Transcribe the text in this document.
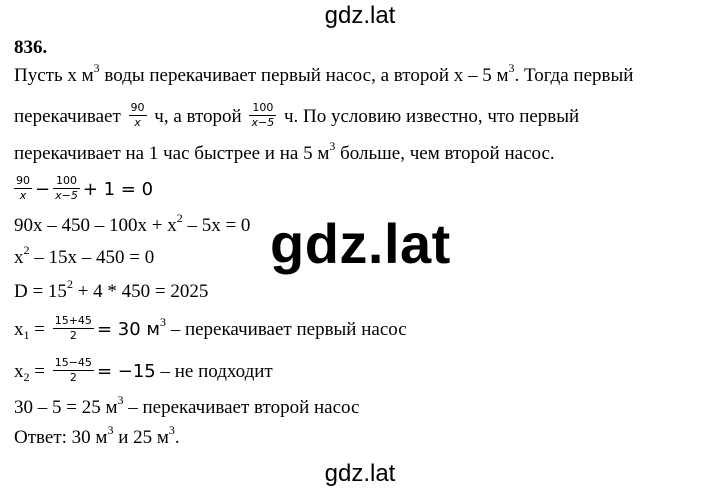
gdz.lat
836.
Пусть х $м^3$ воды перекачивает первый насос, а второй х – 5 $м^3$. Тогда первый
перекачивает $\frac{90}{x} ч$, а второй $\frac{100}{x-5} ч$. По условию известно, что первый
перекачивает на 1 час быстрее и на 5 $м^3$ больше, чем второй насос.
$\frac{90}{x} - \frac{100}{x-5} + 1 = 0$
$90x - 450 - 100x + x^2 - 5x = 0$
$x^2 - 15x - 450 = 0$
$D = 15^2 + 4 * 450 = 2025$
$x_1 = \frac{15+45}{2} = 30$ $м^3$ – перекачивает первый насос
$x_2 = \frac{15-45}{2} = -15$ – не подходит
30 – 5 = 25 $м^3$ – перекачивает второй насос
Ответ: 30 $м^3$ и 25 $м^3$.
gdz.lat
gdz.lat
